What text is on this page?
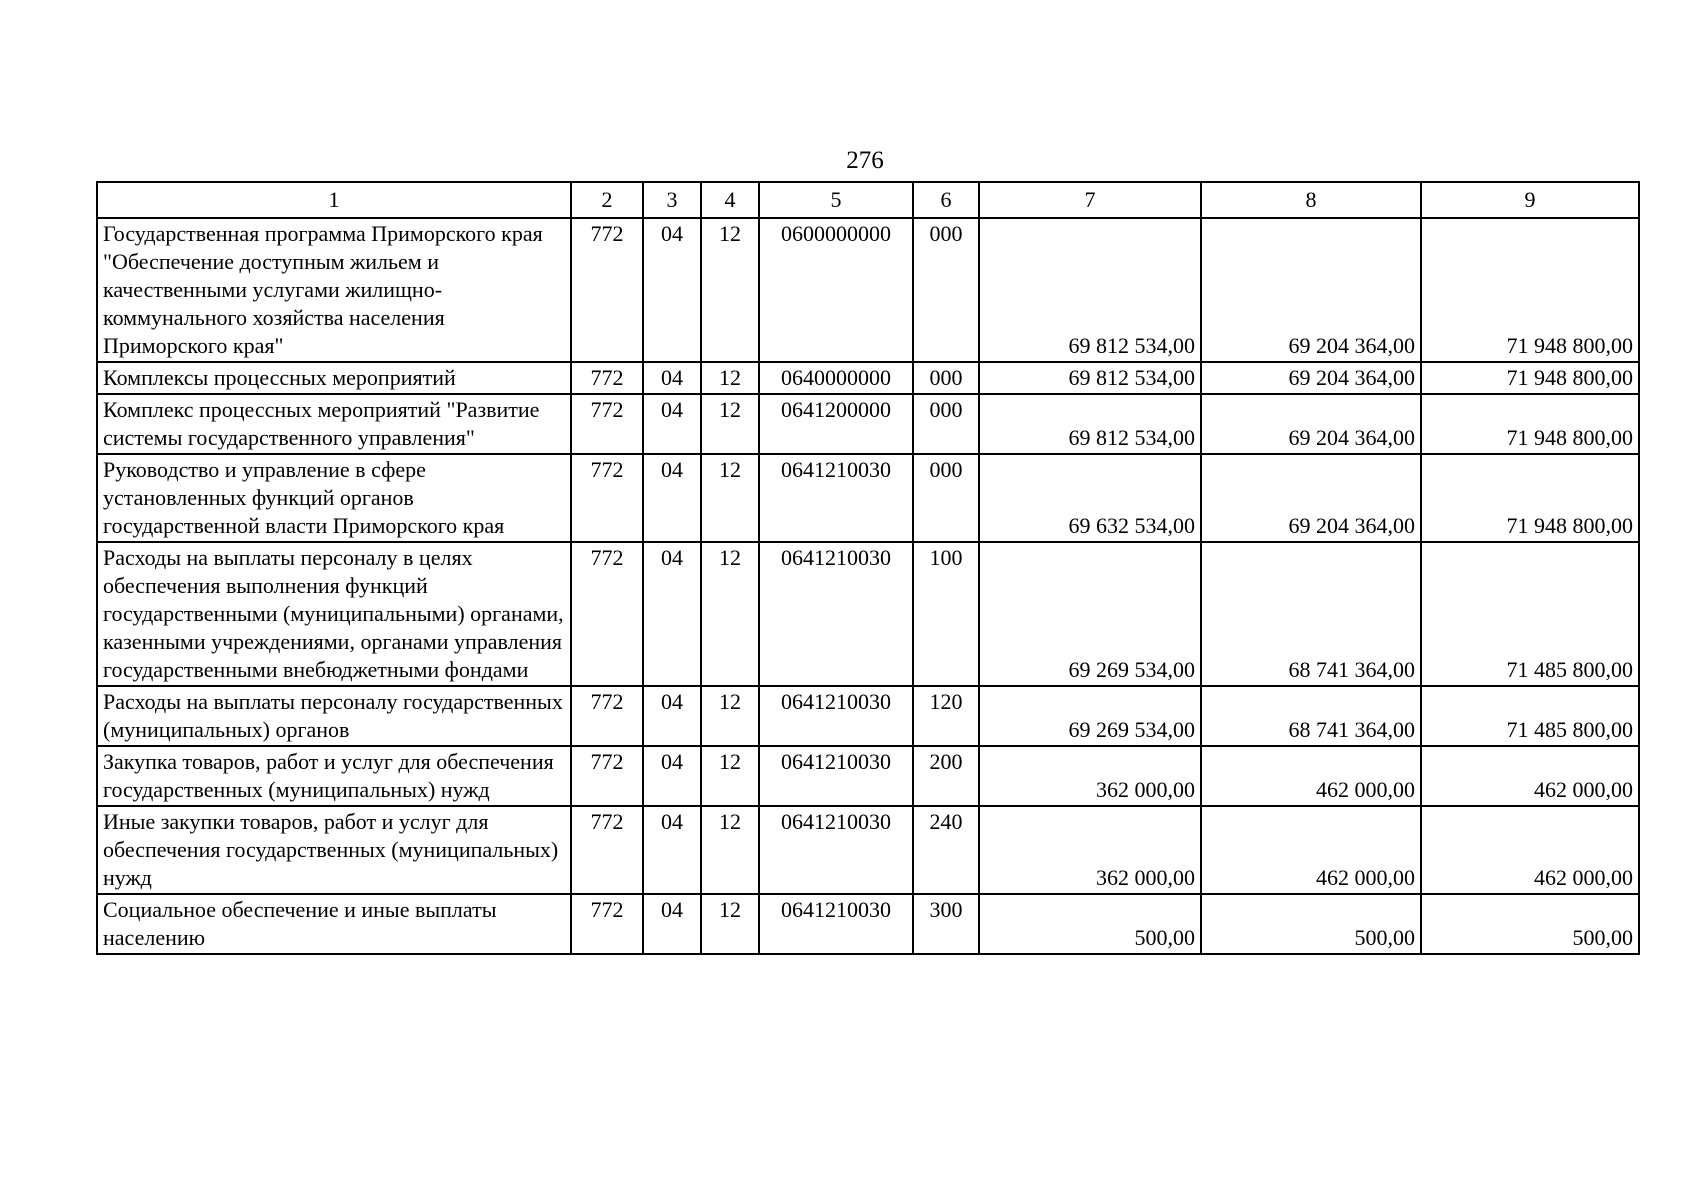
276
1	2	3	4	5	6	7	8	9
Государственная программа Приморского края "Обеспечение доступным жильем и качественными услугами жилищно-коммунального хозяйства населения Приморского края"	772	04	12	0600000000	000	69 812 534,00	69 204 364,00	71 948 800,00
Комплексы процессных мероприятий	772	04	12	0640000000	000	69 812 534,00	69 204 364,00	71 948 800,00
Комплекс процессных мероприятий "Развитие системы государственного управления"	772	04	12	0641200000	000	69 812 534,00	69 204 364,00	71 948 800,00
Руководство и управление в сфере установленных функций органов государственной власти Приморского края	772	04	12	0641210030	000	69 632 534,00	69 204 364,00	71 948 800,00
Расходы на выплаты персоналу в целях обеспечения выполнения функций государственными (муниципальными) органами, казенными учреждениями, органами управления государственными внебюджетными фондами	772	04	12	0641210030	100	69 269 534,00	68 741 364,00	71 485 800,00
Расходы на выплаты персоналу государственных (муниципальных) органов	772	04	12	0641210030	120	69 269 534,00	68 741 364,00	71 485 800,00
Закупка товаров, работ и услуг для обеспечения государственных (муниципальных) нужд	772	04	12	0641210030	200	362 000,00	462 000,00	462 000,00
Иные закупки товаров, работ и услуг для обеспечения государственных (муниципальных) нужд	772	04	12	0641210030	240	362 000,00	462 000,00	462 000,00
Социальное обеспечение и иные выплаты населению	772	04	12	0641210030	300	500,00	500,00	500,00
